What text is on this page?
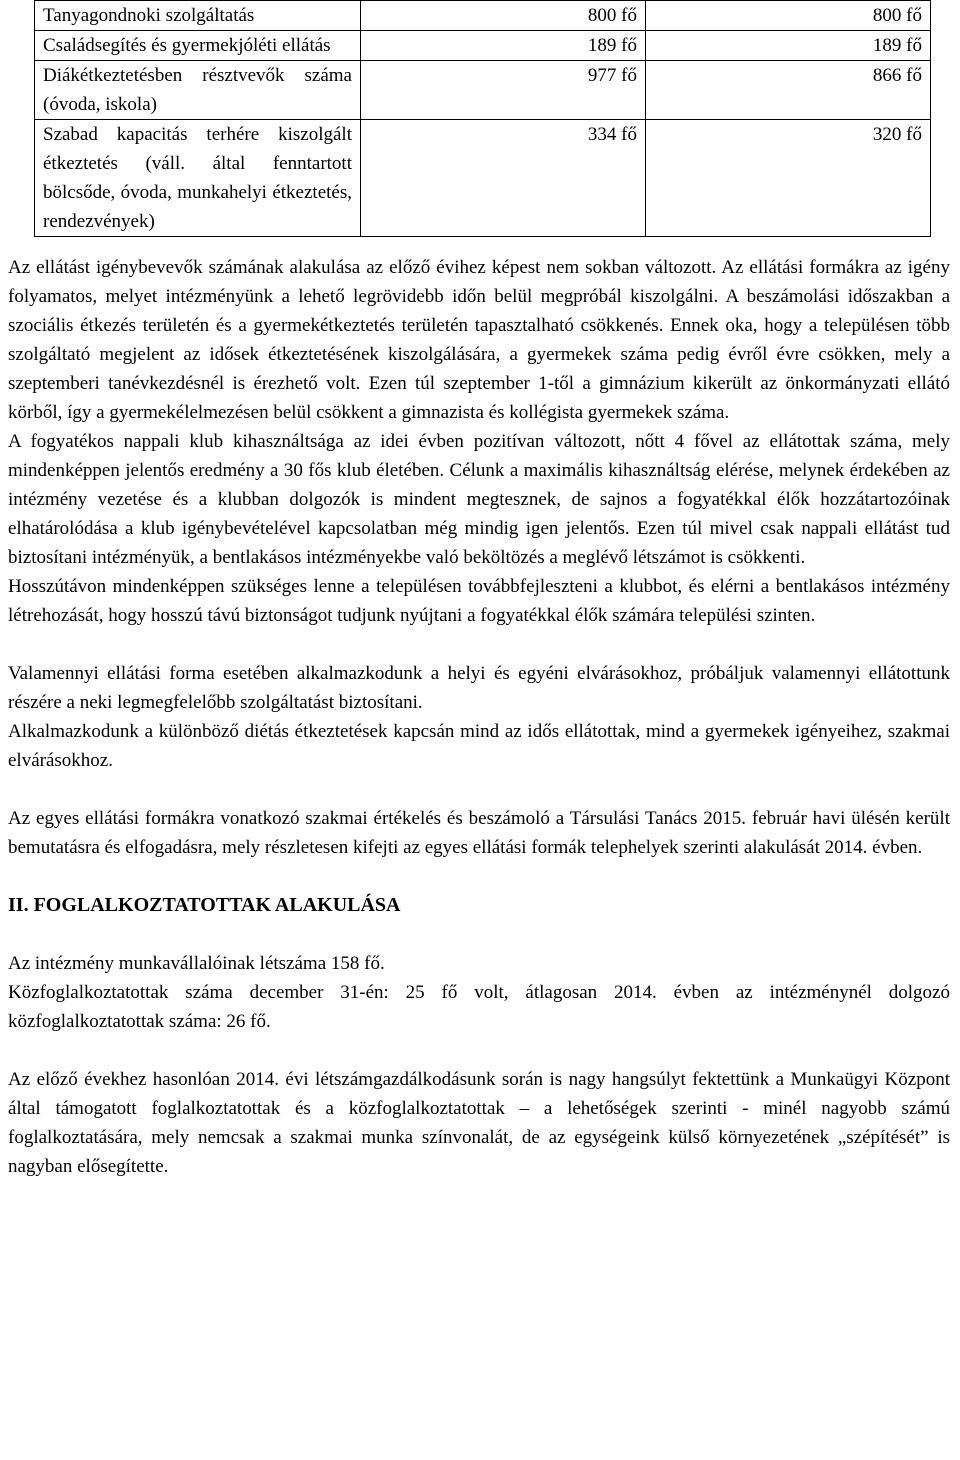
Tanyagondnoki szolgáltatás	800 fő	800 fő
Családsegítés és gyermekjóléti ellátás	189 fő	189 fő
Diákétkeztetésben résztvevők száma (óvoda, iskola)	977 fő	866 fő
Szabad kapacitás terhére kiszolgált étkeztetés (váll. által fenntartott bölcsőde, óvoda, munkahelyi étkeztetés, rendezvények)	334 fő	320 fő

Az ellátást igénybevevők számának alakulása az előző évihez képest nem sokban változott. Az ellátási formákra az igény folyamatos, melyet intézményünk a lehető legrövidebb időn belül megpróbál kiszolgálni. A beszámolási időszakban a szociális étkezés területén és a gyermekétkeztetés területén tapasztalható csökkenés. Ennek oka, hogy a településen több szolgáltató megjelent az idősek étkeztetésének kiszolgálására, a gyermekek száma pedig évről évre csökken, mely a szeptemberi tanévkezdésnél is érezhető volt. Ezen túl szeptember 1-től a gimnázium kikerült az önkormányzati ellátó körből, így a gyermekélelmezésen belül csökkent a gimnazista és kollégista gyermekek száma.

A fogyatékos nappali klub kihasználtsága az idei évben pozitívan változott, nőtt 4 fővel az ellátottak száma, mely mindenképpen jelentős eredmény a 30 fős klub életében. Célunk a maximális kihasználtság elérése, melynek érdekében az intézmény vezetése és a klubban dolgozók is mindent megtesznek, de sajnos a fogyatékkal élők hozzátartozóinak elhatárolódása a klub igénybevételével kapcsolatban még mindig igen jelentős. Ezen túl mivel csak nappali ellátást tud biztosítani intézményük, a bentlakásos intézményekbe való beköltözés a meglévő létszámot is csökkenti.

Hosszútávon mindenképpen szükséges lenne a településen továbbfejleszteni a klubbot, és elérni a bentlakásos intézmény létrehozását, hogy hosszú távú biztonságot tudjunk nyújtani a fogyatékkal élők számára települési szinten.

Valamennyi ellátási forma esetében alkalmazkodunk a helyi és egyéni elvárásokhoz, próbáljuk valamennyi ellátottunk részére a neki legmegfelelőbb szolgáltatást biztosítani.

Alkalmazkodunk a különböző diétás étkeztetések kapcsán mind az idős ellátottak, mind a gyermekek igényeihez, szakmai elvárásokhoz.

Az egyes ellátási formákra vonatkozó szakmai értékelés és beszámoló a Társulási Tanács 2015. február havi ülésén került bemutatásra és elfogadásra, mely részletesen kifejti az egyes ellátási formák telephelyek szerinti alakulását 2014. évben.

II. FOGLALKOZTATOTTAK ALAKULÁSA

Az intézmény munkavállalóinak létszáma 158 fő.

Közfoglalkoztatottak száma december 31-én: 25 fő volt, átlagosan 2014. évben az intézménynél dolgozó közfoglalkoztatottak száma: 26 fő.

Az előző évekhez hasonlóan 2014. évi létszámgazdálkodásunk során is nagy hangsúlyt fektettünk a Munkaügyi Központ által támogatott foglalkoztatottak és a közfoglalkoztatottak – a lehetőségek szerinti - minél nagyobb számú foglalkoztatására, mely nemcsak a szakmai munka színvonalát, de az egységeink külső környezetének „szépítését” is nagyban elősegítette.
